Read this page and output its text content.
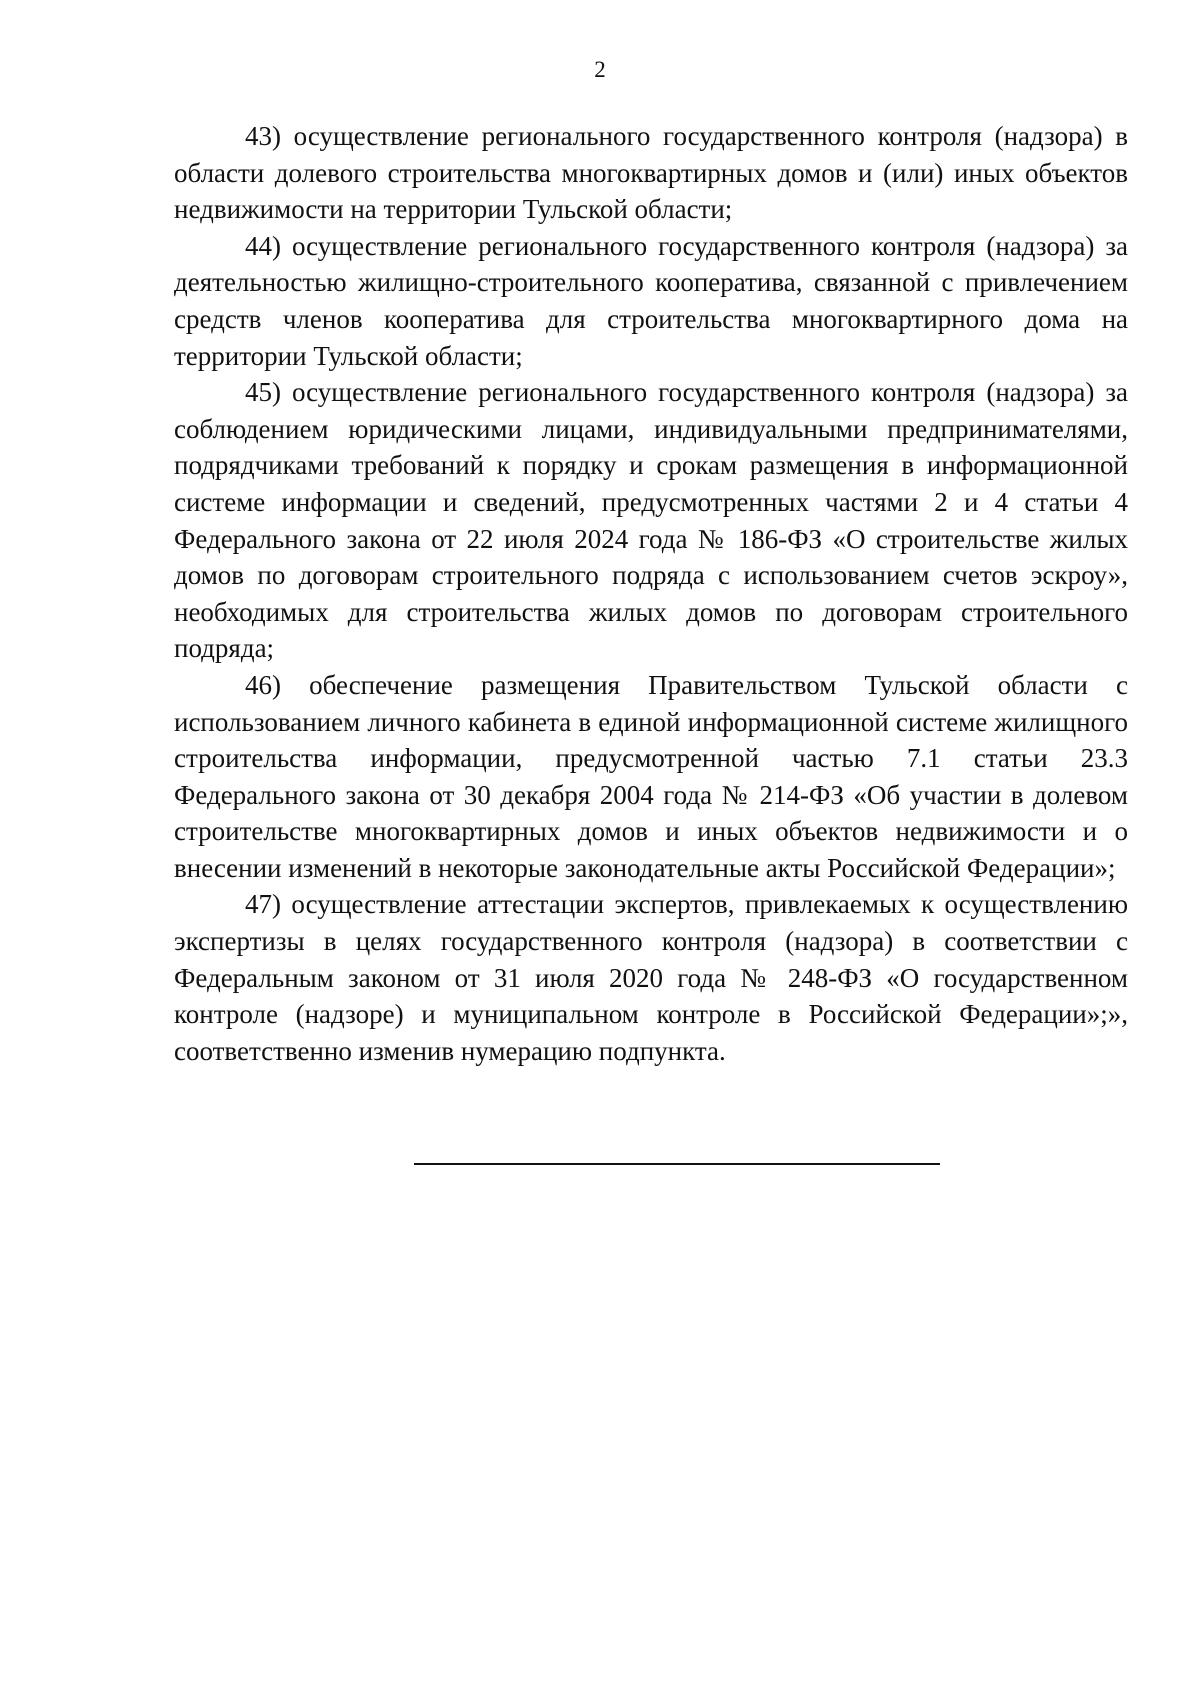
2

43) осуществление регионального государственного контроля (надзора) в области долевого строительства многоквартирных домов и (или) иных объектов недвижимости на территории Тульской области;

44) осуществление регионального государственного контроля (надзора) за деятельностью жилищно-строительного кооператива, связанной с привлечением средств членов кооператива для строительства многоквартирного дома на территории Тульской области;

45) осуществление регионального государственного контроля (надзора) за соблюдением юридическими лицами, индивидуальными предпринимателями, подрядчиками требований к порядку и срокам размещения в информационной системе информации и сведений, предусмотренных частями 2 и 4 статьи 4 Федерального закона от 22 июля 2024 года № 186-ФЗ «О строительстве жилых домов по договорам строительного подряда с использованием счетов эскроу», необходимых для строительства жилых домов по договорам строительного подряда;

46) обеспечение размещения Правительством Тульской области с использованием личного кабинета в единой информационной системе жилищного строительства информации, предусмотренной частью 7.1 статьи 23.3 Федерального закона от 30 декабря 2004 года № 214-ФЗ «Об участии в долевом строительстве многоквартирных домов и иных объектов недвижимости и о внесении изменений в некоторые законодательные акты Российской Федерации»;

47) осуществление аттестации экспертов, привлекаемых к осуществлению экспертизы в целях государственного контроля (надзора) в соответствии с Федеральным законом от 31 июля 2020 года № 248-ФЗ «О государственном контроле (надзоре) и муниципальном контроле в Российской Федерации»;», соответственно изменив нумерацию подпункта.
